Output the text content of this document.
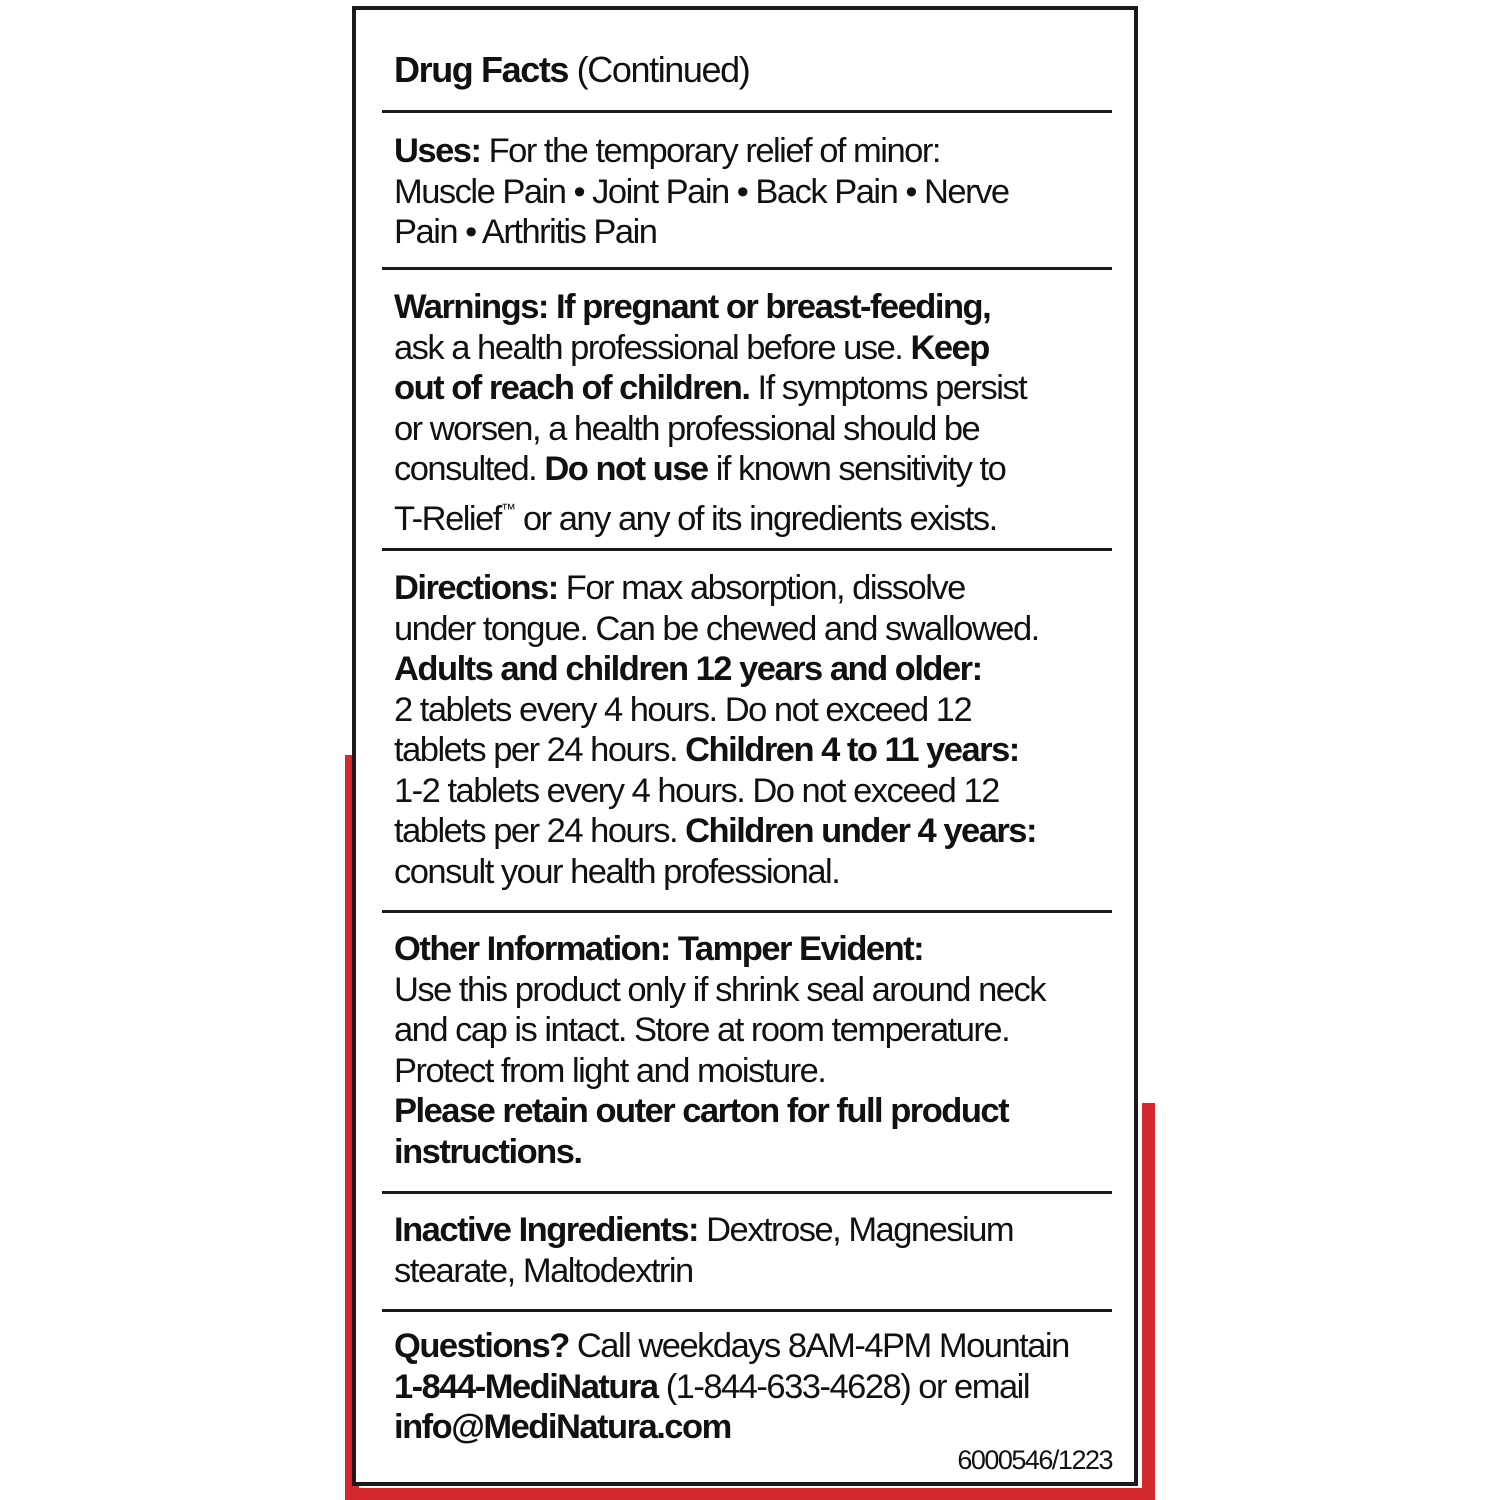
Drug Facts (Continued)

Uses: For the temporary relief of minor:

Muscle Pain • Joint Pain • Back Pain • Nerve

Pain • Arthritis Pain

Warnings: If pregnant or breast-feeding,

ask a health professional before use. Keep

out of reach of children. If symptoms persist

or worsen, a health professional should be

consulted. Do not use if known sensitivity to

T-Relief™ or any any of its ingredients exists.

Directions: For max absorption, dissolve

under tongue. Can be chewed and swallowed.

Adults and children 12 years and older:

2 tablets every 4 hours. Do not exceed 12

tablets per 24 hours. Children 4 to 11 years:

1-2 tablets every 4 hours. Do not exceed 12

tablets per 24 hours. Children under 4 years:

consult your health professional.

Other Information: Tamper Evident:

Use this product only if shrink seal around neck

and cap is intact. Store at room temperature.

Protect from light and moisture.

Please retain outer carton for full product

instructions.

Inactive Ingredients: Dextrose, Magnesium

stearate, Maltodextrin

Questions? Call weekdays 8AM-4PM Mountain

1-844-MediNatura (1-844-633-4628) or email

info@MediNatura.com

6000546/1223
